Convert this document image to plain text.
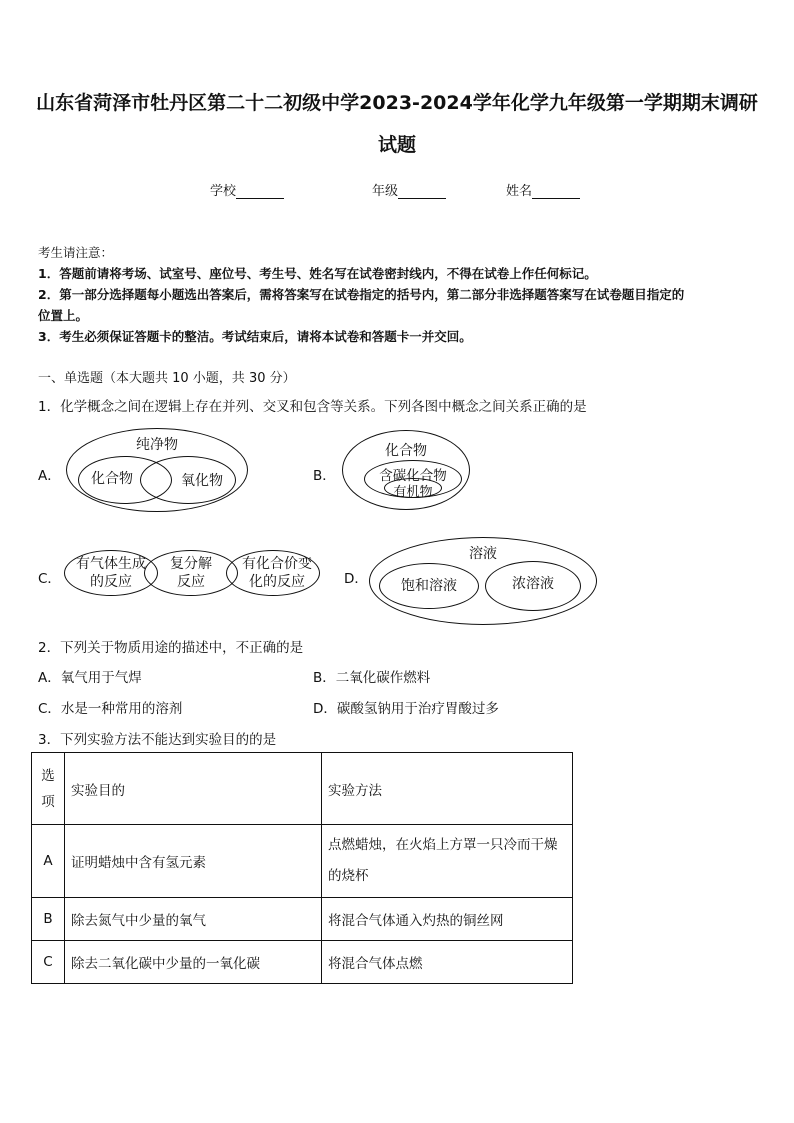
山东省菏泽市牡丹区第二十二初级中学2023-2024学年化学九年级第一学期期末调研
试题
学校	年级	姓名
考生请注意：
1．答题前请将考场、试室号、座位号、考生号、姓名写在试卷密封线内，不得在试卷上作任何标记。
2．第一部分选择题每小题选出答案后，需将答案写在试卷指定的括号内，第二部分非选择题答案写在试卷题目指定的
位置上。
3．考生必须保证答题卡的整洁。考试结束后，请将本试卷和答题卡一并交回。
一、单选题（本大题共 10 小题，共 30 分）
1．化学概念之间在逻辑上存在并列、交叉和包含等关系。下列各图中概念之间关系正确的是
A．
纯净物
化合物	氧化物	B．
化合物
含碳化合物
有机物
C．
有气体生成
的反应
复分解
反应
有化合价变
化的反应	D．
溶液
饱和溶液	浓溶液
2．下列关于物质用途的描述中，不正确的是
A．氧气用于气焊	B．二氧化碳作燃料
C．水是一种常用的溶剂	D．碳酸氢钠用于治疗胃酸过多
3．下列实验方法不能达到实验目的的是
选
项	实验目的	实验方法
A	证明蜡烛中含有氢元素	点燃蜡烛，在火焰上方罩一只冷而干燥
的烧杯

B	除去氮气中少量的氧气	将混合气体通入灼热的铜丝网
C	除去二氧化碳中少量的一氧化碳	将混合气体点燃
